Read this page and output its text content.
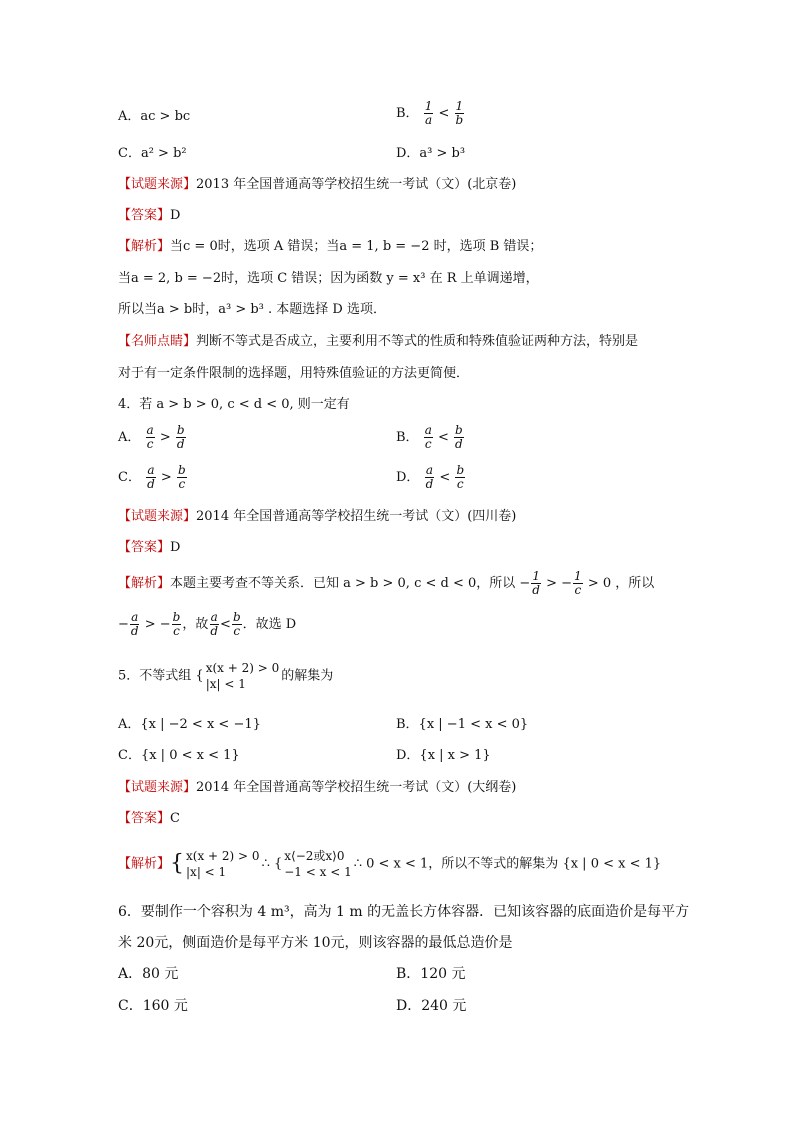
A．ac > bc	B． $\frac{1}{a} < \frac{1}{b}$
C．a² > b²	D．a³ > b³
【试题来源】2013 年全国普通高等学校招生统一考试（文）(北京卷)
【答案】D
【解析】当c = 0时，选项 A 错误；当a = 1, b = −2 时，选项 B 错误；
当a = 2, b = −2时，选项 C 错误；因为函数 y = x³ 在 R 上单调递增，
所以当a > b时，a³ > b³ . 本题选择 D 选项．
【名师点睛】判断不等式是否成立，主要利用不等式的性质和特殊值验证两种方法，特别是
对于有一定条件限制的选择题，用特殊值验证的方法更简便．
4．若 a > b > 0, c < d < 0, 则一定有
A． $\frac{a}{c} > \frac{b}{d}$	B． $\frac{a}{c} < \frac{b}{d}$
C． $\frac{a}{d} > \frac{b}{c}$	D． $\frac{a}{d} < \frac{b}{c}$
【试题来源】2014 年全国普通高等学校招生统一考试（文）(四川卷)
【答案】D
【解析】本题主要考查不等关系．已知 a > b > 0, c < d < 0，所以 − $\frac{1}{d}$ > − $\frac{1}{c} > 0$ ，所以
− $\frac{a}{d}$ > − $\frac{b}{c}$ ，故 $\frac{a}{d} < \frac{b}{c}$ ．故选 D
5．不等式组 {
x(x + 2) > 0
|x| < 1
的解集为
A．{x | −2 < x < −1}	B．{x | −1 < x < 0}
C．{x | 0 < x < 1}	D．{x | x > 1}
【试题来源】2014 年全国普通高等学校招生统一考试（文）(大纲卷)
【答案】C
【解析】{ x(x + 2) > 0
|x| < 1
∴ {
x⟨−2或x⟩0
−1 < x < 1
∴ 0 < x < 1，所以不等式的解集为 {x | 0 < x < 1}
6．要制作一个容积为 4 m³，高为 1 m 的无盖长方体容器．已知该容器的底面造价是每平方
米 20元，侧面造价是每平方米 10元，则该容器的最低总造价是
A．80 元	B．120 元
C．160 元	D．240 元
